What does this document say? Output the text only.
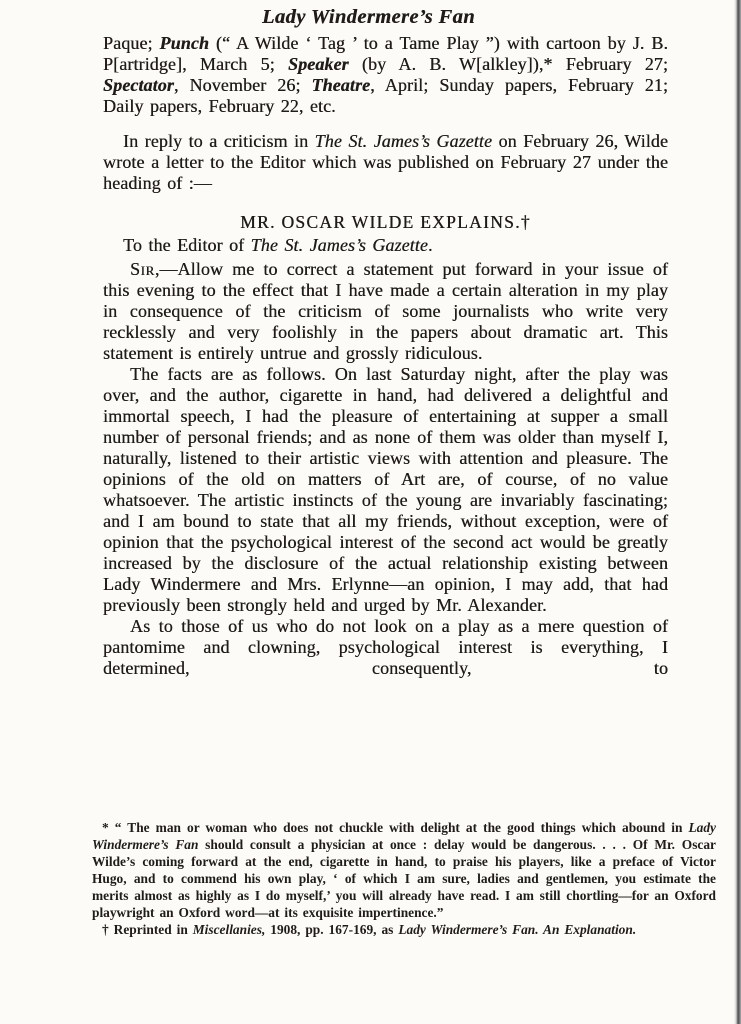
Lady Windermere’s Fan

Paque; Punch (“ A Wilde ‘ Tag ’ to a Tame Play ”) with cartoon by J. B. P[artridge], March 5; Speaker (by A. B. W[alkley]),* February 27; Spectator, November 26; Theatre, April; Sunday papers, February 21; Daily papers, February 22, etc.

In reply to a criticism in The St. James’s Gazette on February 26, Wilde wrote a letter to the Editor which was published on February 27 under the heading of :—

MR. OSCAR WILDE EXPLAINS.†

To the Editor of The St. James’s Gazette.

Sir,—Allow me to correct a statement put forward in your issue of this evening to the effect that I have made a certain alteration in my play in consequence of the criticism of some journalists who write very recklessly and very foolishly in the papers about dramatic art. This statement is entirely untrue and grossly ridiculous.

The facts are as follows. On last Saturday night, after the play was over, and the author, cigarette in hand, had delivered a delightful and immortal speech, I had the pleasure of entertaining at supper a small number of personal friends; and as none of them was older than myself I, naturally, listened to their artistic views with attention and pleasure. The opinions of the old on matters of Art are, of course, of no value whatsoever. The artistic instincts of the young are invariably fascinating; and I am bound to state that all my friends, without exception, were of opinion that the psychological interest of the second act would be greatly increased by the disclosure of the actual relationship existing between Lady Windermere and Mrs. Erlynne—an opinion, I may add, that had previously been strongly held and urged by Mr. Alexander.

As to those of us who do not look on a play as a mere question of pantomime and clowning, psychological interest is everything, I determined, consequently, to

* “ The man or woman who does not chuckle with delight at the good things which abound in Lady Windermere’s Fan should consult a physician at once : delay would be dangerous. . . . Of Mr. Oscar Wilde’s coming forward at the end, cigarette in hand, to praise his players, like a preface of Victor Hugo, and to commend his own play, ‘ of which I am sure, ladies and gentlemen, you estimate the merits almost as highly as I do myself,’ you will already have read. I am still chortling—for an Oxford playwright an Oxford word—at its exquisite impertinence.”

† Reprinted in Miscellanies, 1908, pp. 167-169, as Lady Windermere’s Fan. An Explanation.
